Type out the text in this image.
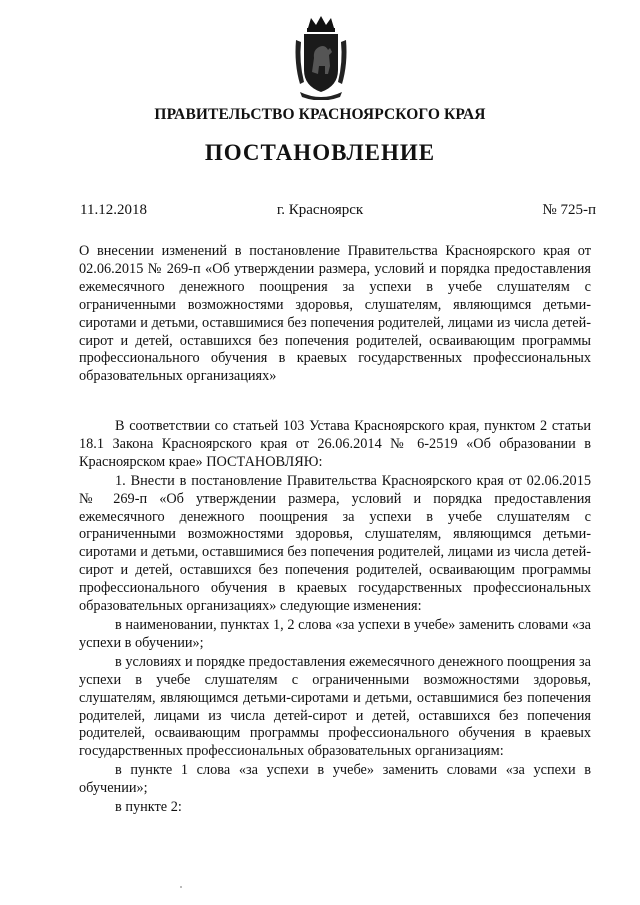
ПРАВИТЕЛЬСТВО КРАСНОЯРСКОГО КРАЯ
ПОСТАНОВЛЕНИЕ
11.12.2018	г. Красноярск	№ 725-п

О внесении изменений в постановление Правительства Красноярского края от 02.06.2015 № 269-п «Об утверждении размера, условий и порядка предоставления ежемесячного денежного поощрения за успехи в учебе слушателям с ограниченными возможностями здоровья, слушателям, являющимся детьми-сиротами и детьми, оставшимися без попечения родителей, лицами из числа детей-сирот и детей, оставшихся без попечения родителей, осваивающим программы профессионального обучения в краевых государственных профессиональных образовательных организациях»

В соответствии со статьей 103 Устава Красноярского края, пунктом 2 статьи 18.1 Закона Красноярского края от 26.06.2014 № 6-2519 «Об образовании в Красноярском крае» ПОСТАНОВЛЯЮ:

1. Внести в постановление Правительства Красноярского края от 02.06.2015 № 269-п «Об утверждении размера, условий и порядка предоставления ежемесячного денежного поощрения за успехи в учебе слушателям с ограниченными возможностями здоровья, слушателям, являющимся детьми-сиротами и детьми, оставшимися без попечения родителей, лицами из числа детей-сирот и детей, оставшихся без попечения родителей, осваивающим программы профессионального обучения в краевых государственных профессиональных образовательных организациях» следующие изменения:

в наименовании, пунктах 1, 2 слова «за успехи в учебе» заменить словами «за успехи в обучении»;

в условиях и порядке предоставления ежемесячного денежного поощрения за успехи в учебе слушателям с ограниченными возможностями здоровья, слушателям, являющимся детьми-сиротами и детьми, оставшимися без попечения родителей, лицами из числа детей-сирот и детей, оставшихся без попечения родителей, осваивающим программы профессионального обучения в краевых государственных профессиональных образовательных организациям:

в пункте 1 слова «за успехи в учебе» заменить словами «за успехи в обучении»;

в пункте 2:
